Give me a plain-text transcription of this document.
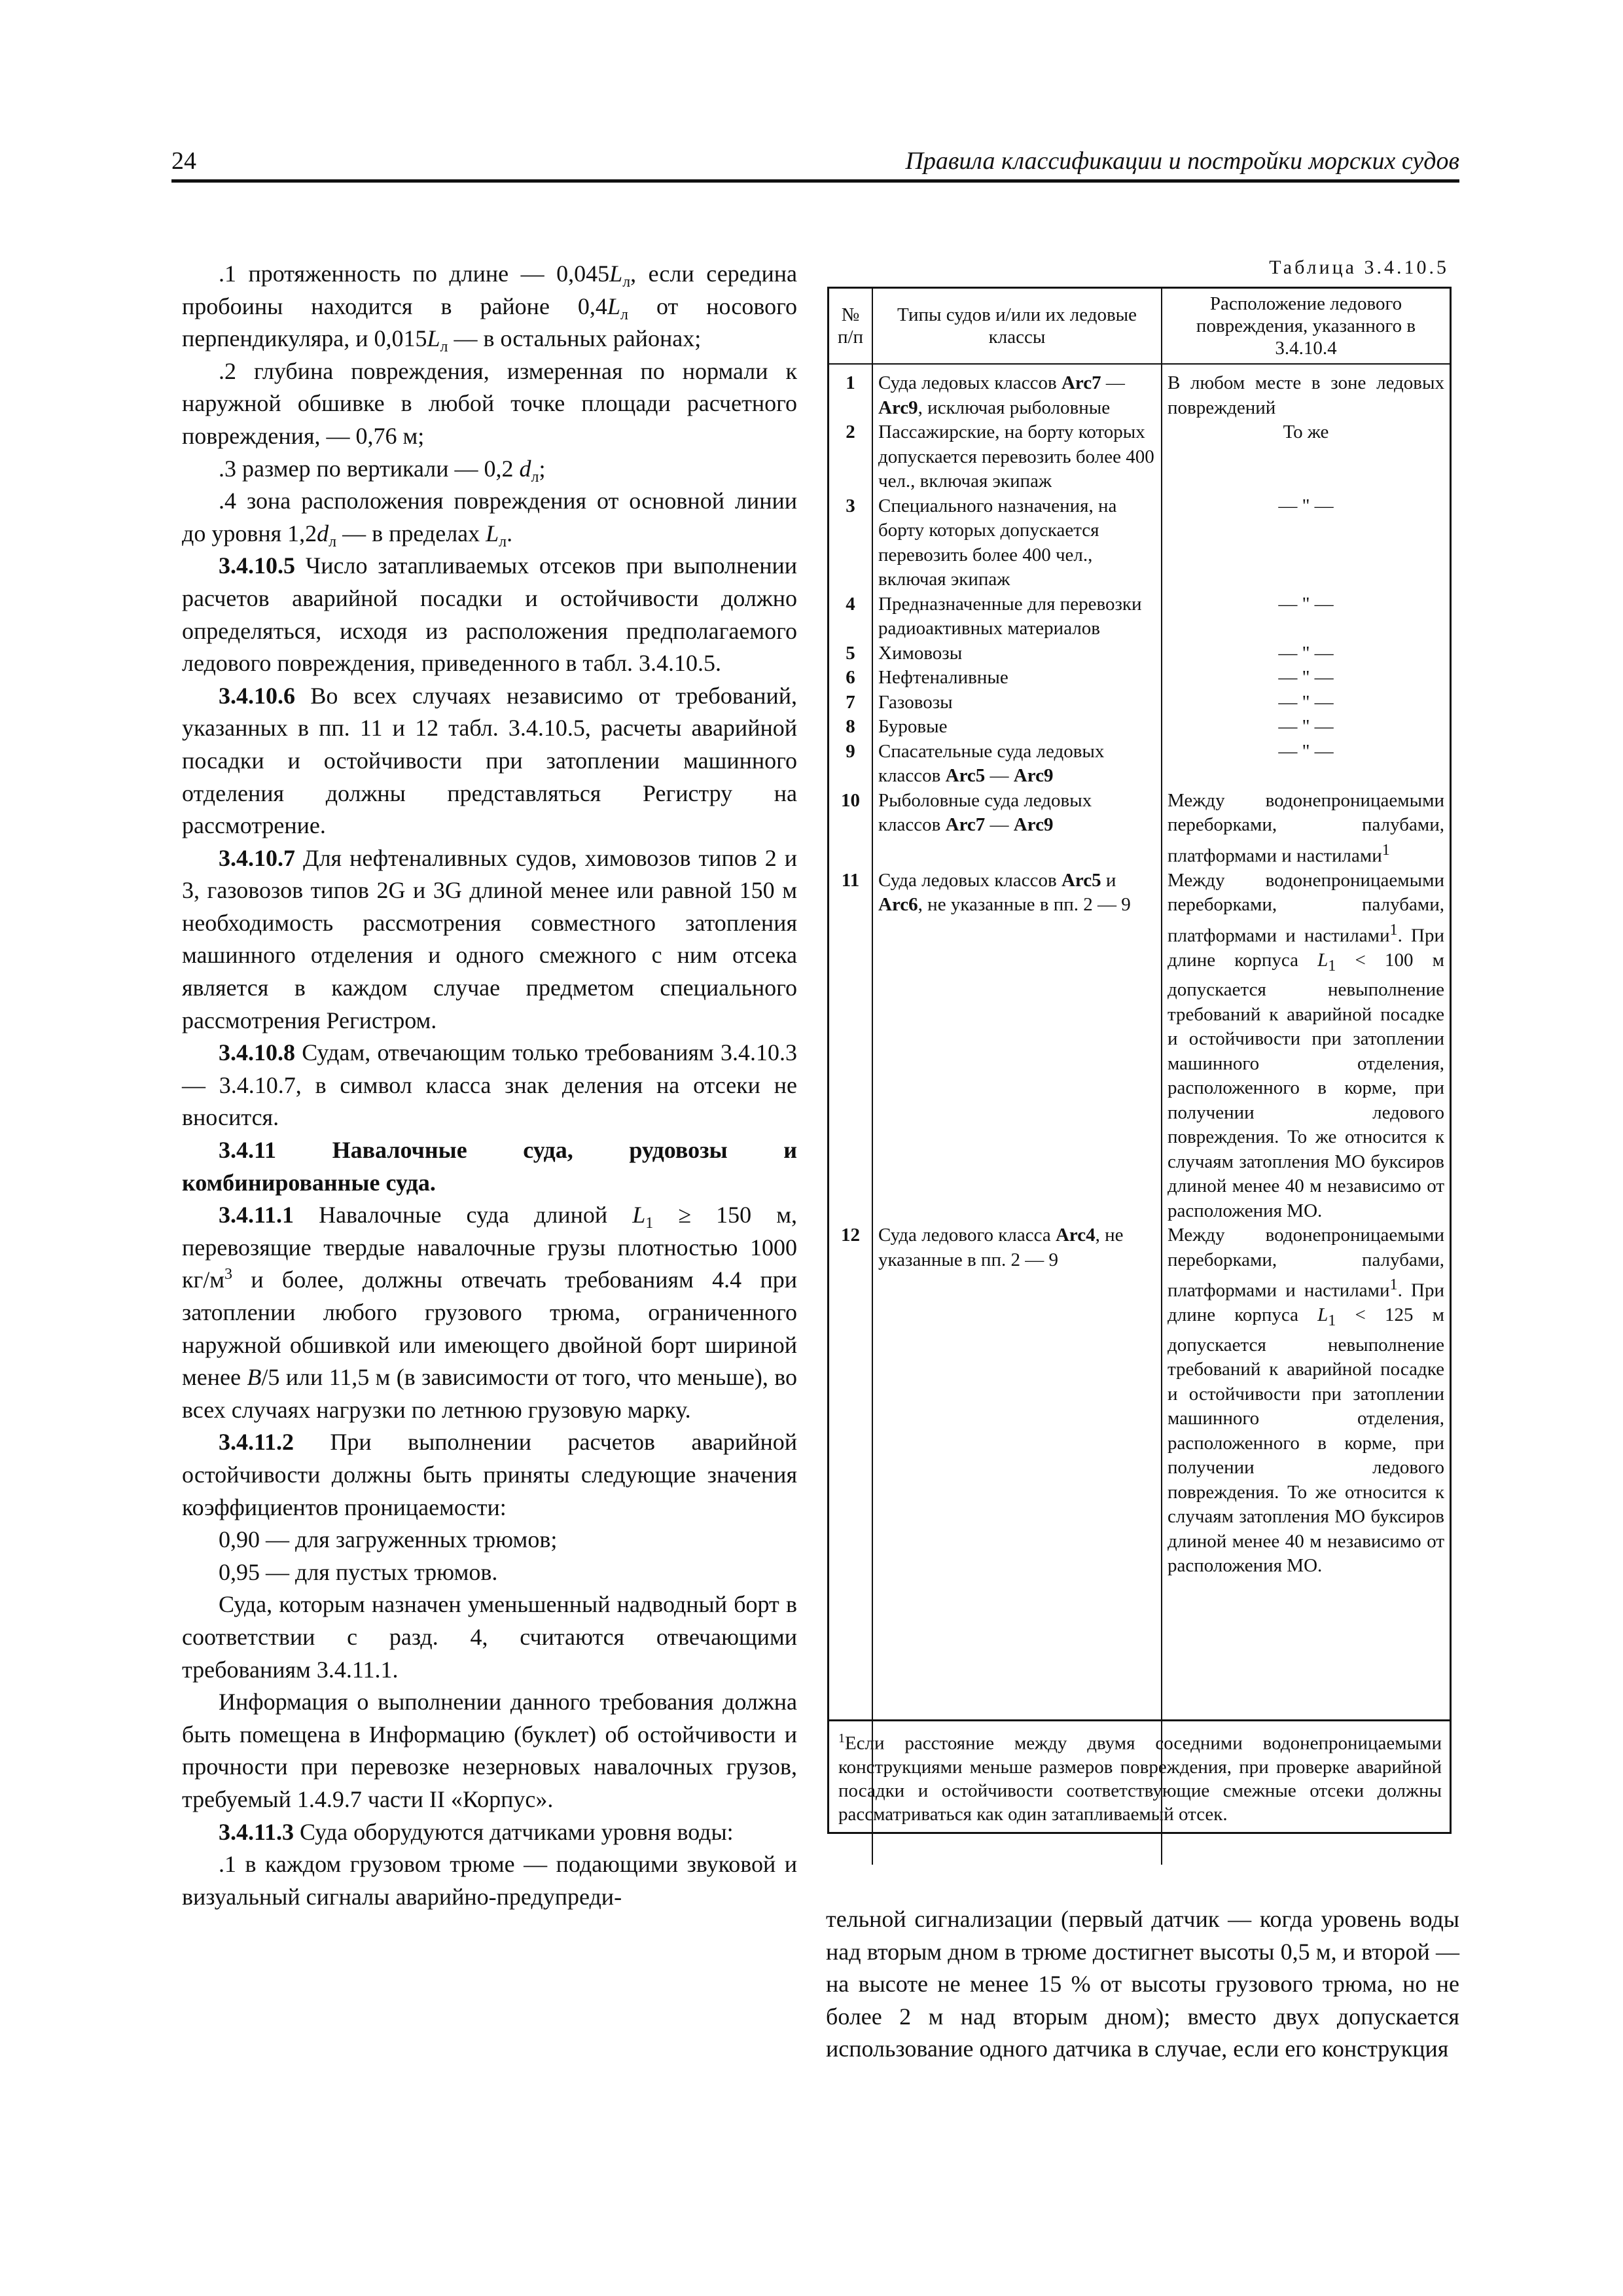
24	Правила классификации и постройки морских судов

.1 протяженность по длине — $0,045L_л$, если середина пробоины находится в районе $0,4L_л$ от носового перпендикуляра, и $0,015L_л$ — в остальных районах;

.2 глубина повреждения, измеренная по нормали к наружной обшивке в любой точке площади расчетного повреждения, — 0,76 м;

.3 размер по вертикали — 0,2 $d_л$;

.4 зона расположения повреждения от основной линии до уровня $1,2d_л$ — в пределах $L_л$.

3.4.10.5 Число затапливаемых отсеков при выполнении расчетов аварийной посадки и остойчивости должно определяться, исходя из расположения предполагаемого ледового повреждения, приведенного в табл. 3.4.10.5.

3.4.10.6 Во всех случаях независимо от требований, указанных в пп. 11 и 12 табл. 3.4.10.5, расчеты аварийной посадки и остойчивости при затоплении машинного отделения должны представляться Регистру на рассмотрение.

3.4.10.7 Для нефтеналивных судов, химовозов типов 2 и 3, газовозов типов 2G и 3G длиной менее или равной 150 м необходимость рассмотрения совместного затопления машинного отделения и одного смежного с ним отсека является в каждом случае предметом специального рассмотрения Регистром.

3.4.10.8 Судам, отвечающим только требованиям 3.4.10.3 — 3.4.10.7, в символ класса знак деления на отсеки не вносится.

3.4.11 Навалочные суда, рудовозы и комбинированные суда.

3.4.11.1 Навалочные суда длиной $L_1 \ge 150$ м, перевозящие твердые навалочные грузы плотностью 1000 $кг/м^3$ и более, должны отвечать требованиям 4.4 при затоплении любого грузового трюма, ограниченного наружной обшивкой или имеющего двойной борт шириной менее B/5 или 11,5 м (в зависимости от того, что меньше), во всех случаях нагрузки по летнюю грузовую марку.

3.4.11.2 При выполнении расчетов аварийной остойчивости должны быть приняты следующие значения коэффициентов проницаемости:

0,90 — для загруженных трюмов;

0,95 — для пустых трюмов.

Суда, которым назначен уменьшенный надводный борт в соответствии с разд. 4, считаются отвечающими требованиям 3.4.11.1.

Информация о выполнении данного требования должна быть помещена в Информацию (буклет) об остойчивости и прочности при перевозке незерновых навалочных грузов, требуемый 1.4.9.7 части II «Корпус».

3.4.11.3 Суда оборудуются датчиками уровня воды:

.1 в каждом грузовом трюме — подающими звуковой и визуальный сигналы аварийно-предупреди-

Таблица 3.4.10.5
№ п/п	Типы судов и/или их ледовые классы	Расположение ледового повреждения, указанного в 3.4.10.4
1	Суда ледовых классов Arc7 — Arc9, исключая рыболовные	В любом месте в зоне ледовых повреждений
2	Пассажирские, на борту которых допускается перевозить более 400 чел., включая экипаж	То же
3	Специального назначения, на борту которых допускается перевозить более 400 чел., включая экипаж	— " —
4	Предназначенные для перевозки радиоактивных материалов	— " —
5	Химовозы	— " —
6	Нефтеналивные	— " —
7	Газовозы	— " —
8	Буровые	— " —
9	Спасательные суда ледовых классов Arc5 — Arc9	— " —
10	Рыболовные суда ледовых классов Arc7 — Arc9	Между водонепроницаемыми переборками, палубами, платформами и настилами$^1$
11	Суда ледовых классов Arc5 и Arc6, не указанные в пп. 2 — 9	Между водонепроницаемыми переборками, палубами, платформами и настилами$^1$. При длине корпуса $L_1 < 100$ м допускается невыполнение требований к аварийной посадке и остойчивости при затоплении машинного отделения, расположенного в корме, при получении ледового повреждения. То же относится к случаям затопления МО буксиров длиной менее 40 м независимо от расположения МО.
12	Суда ледового класса Arc4, не указанные в пп. 2 — 9	Между водонепроницаемыми переборками, палубами, платформами и настилами$^1$. При длине корпуса $L_1 < 125$ м допускается невыполнение требований к аварийной посадке и остойчивости при затоплении машинного отделения, расположенного в корме, при получении ледового повреждения. То же относится к случаям затопления МО буксиров длиной менее 40 м независимо от расположения МО.
$^1$Если расстояние между двумя соседними водонепроницаемыми конструкциями меньше размеров повреждения, при проверке аварийной посадки и остойчивости соответствующие смежные отсеки должны рассматриваться как один затапливаемый отсек.

тельной сигнализации (первый датчик — когда уровень воды над вторым дном в трюме достигнет высоты 0,5 м, и второй — на высоте не менее 15 % от высоты грузового трюма, но не более 2 м над вторым дном); вместо двух допускается использование одного датчика в случае, если его конструкция
